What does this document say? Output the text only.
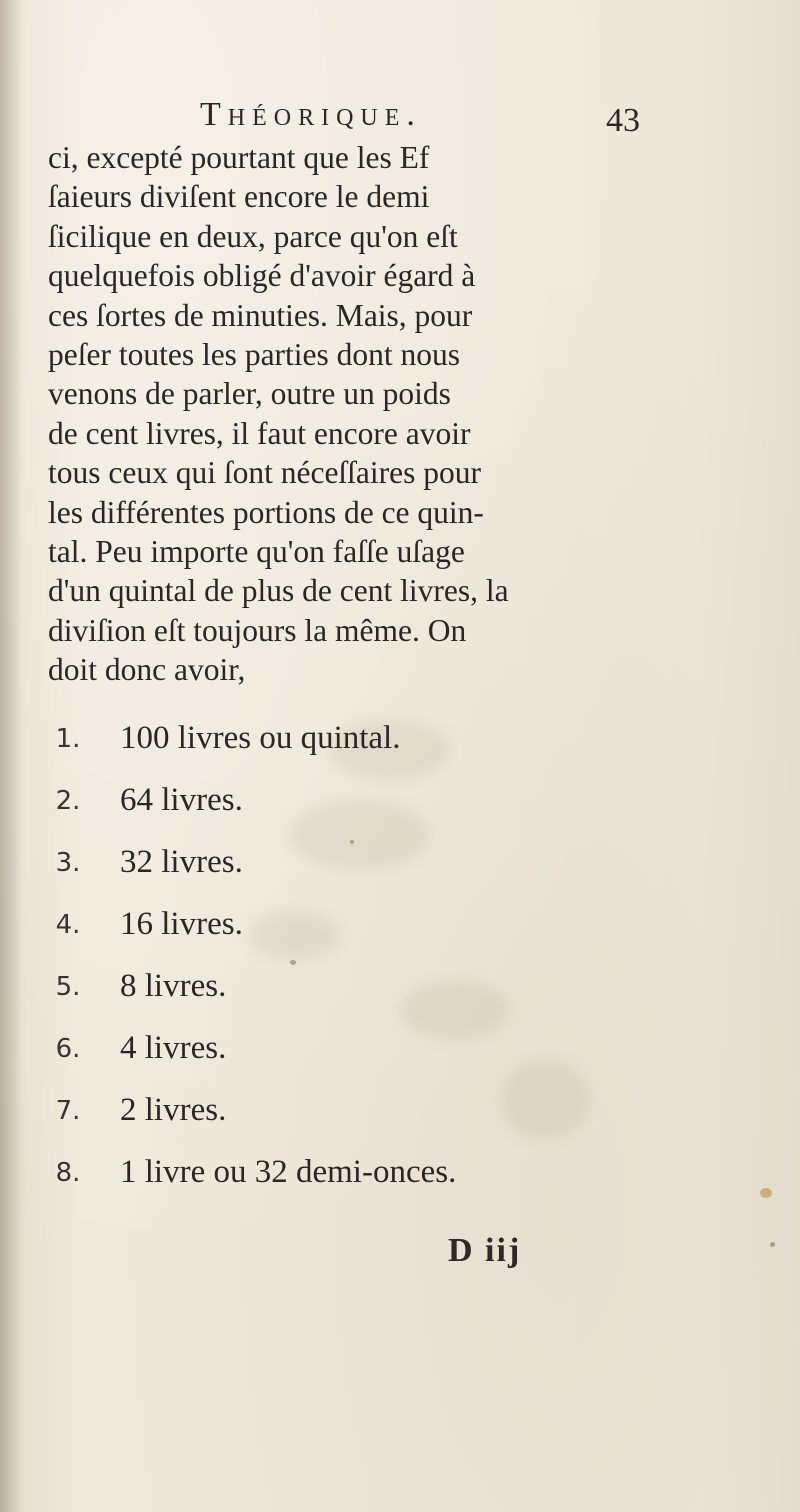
Théorique.	43
ci, excepté pourtant que les Ef
ſaieurs diviſent encore le demi
ſicilique en deux, parce qu'on eſt
quelquefois obligé d'avoir égard à
ces ſortes de minuties. Mais, pour
peſer toutes les parties dont nous
venons de parler, outre un poids
de cent livres, il faut encore avoir
tous ceux qui ſont néceſſaires pour
les différentes portions de ce quin-
tal. Peu importe qu'on faſſe uſage
d'un quintal de plus de cent livres, la
diviſion eſt toujours la même. On
doit donc avoir,
1. 100 livres ou quintal.
2. 64 livres.
3. 32 livres.
4. 16 livres.
5. 8 livres.
6. 4 livres.
7. 2 livres.
8. 1 livre ou 32 demi-onces.
D iij
